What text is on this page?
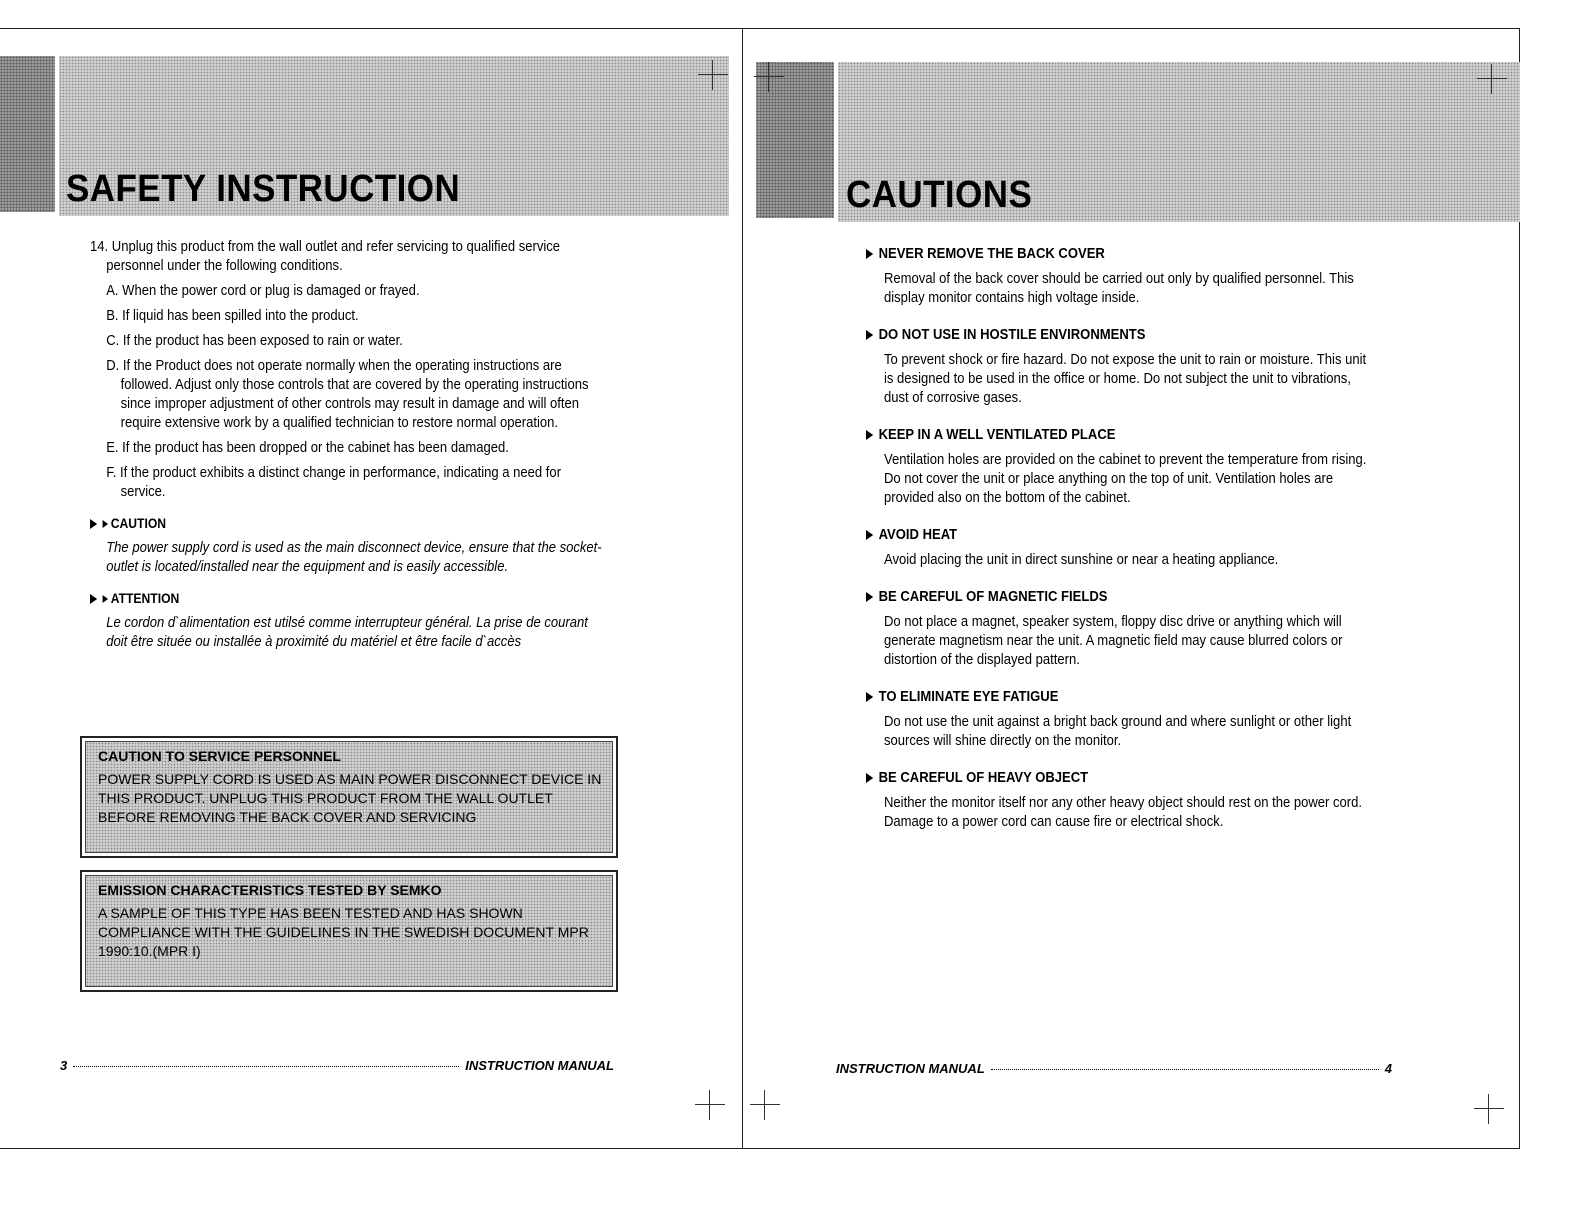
SAFETY INSTRUCTION
14. Unplug this product from the wall outlet and refer servicing to qualified service personnel under the following conditions.
A. When the power cord or plug is damaged or frayed.
B. If liquid has been spilled into the product.
C. If the product has been exposed to rain or water.
D. If the Product does not operate normally when the operating instructions are followed. Adjust only those controls that are covered by the operating instructions since improper adjustment of other controls may result in damage and will often require extensive work by a qualified technician to restore normal operation.
E. If the product has been dropped or the cabinet has been damaged.
F. If the product exhibits a distinct change in performance, indicating a need for service.
CAUTION
The power supply cord is used as the main disconnect device, ensure that the socket-outlet is located/installed near the equipment and is easily accessible.
ATTENTION
Le cordon d`alimentation est utilsé comme interrupteur général. La prise de courant doit être située ou installée à proximité du matériel et être facile d`accès
CAUTION TO SERVICE PERSONNEL
POWER SUPPLY CORD IS USED AS MAIN POWER DISCONNECT DEVICE IN THIS PRODUCT. UNPLUG THIS PRODUCT FROM THE WALL OUTLET BEFORE REMOVING THE BACK COVER AND SERVICING
EMISSION CHARACTERISTICS TESTED BY SEMKO
A SAMPLE OF THIS TYPE HAS BEEN TESTED AND HAS SHOWN COMPLIANCE WITH THE GUIDELINES IN THE SWEDISH DOCUMENT MPR 1990:10.(MPR I)
3	INSTRUCTION MANUAL
CAUTIONS
NEVER REMOVE THE BACK COVER
Removal of the back cover should be carried out only by qualified personnel. This display monitor contains high voltage inside.
DO NOT USE IN HOSTILE ENVIRONMENTS
To prevent shock or fire hazard. Do not expose the unit to rain or moisture. This unit is designed to be used in the office or home. Do not subject the unit to vibrations, dust of corrosive gases.
KEEP IN A WELL VENTILATED PLACE
Ventilation holes are provided on the cabinet to prevent the temperature from rising. Do not cover the unit or place anything on the top of unit. Ventilation holes are provided also on the bottom of the cabinet.
AVOID HEAT
Avoid placing the unit in direct sunshine or near a heating appliance.
BE CAREFUL OF MAGNETIC FIELDS
Do not place a magnet, speaker system, floppy disc drive or anything which will generate magnetism near the unit. A magnetic field may cause blurred colors or distortion of the displayed pattern.
TO ELIMINATE EYE FATIGUE
Do not use the unit against a bright back ground and where sunlight or other light sources will shine directly on the monitor.
BE CAREFUL OF HEAVY OBJECT
Neither the monitor itself nor any other heavy object should rest on the power cord. Damage to a power cord can cause fire or electrical shock.
INSTRUCTION MANUAL	4
